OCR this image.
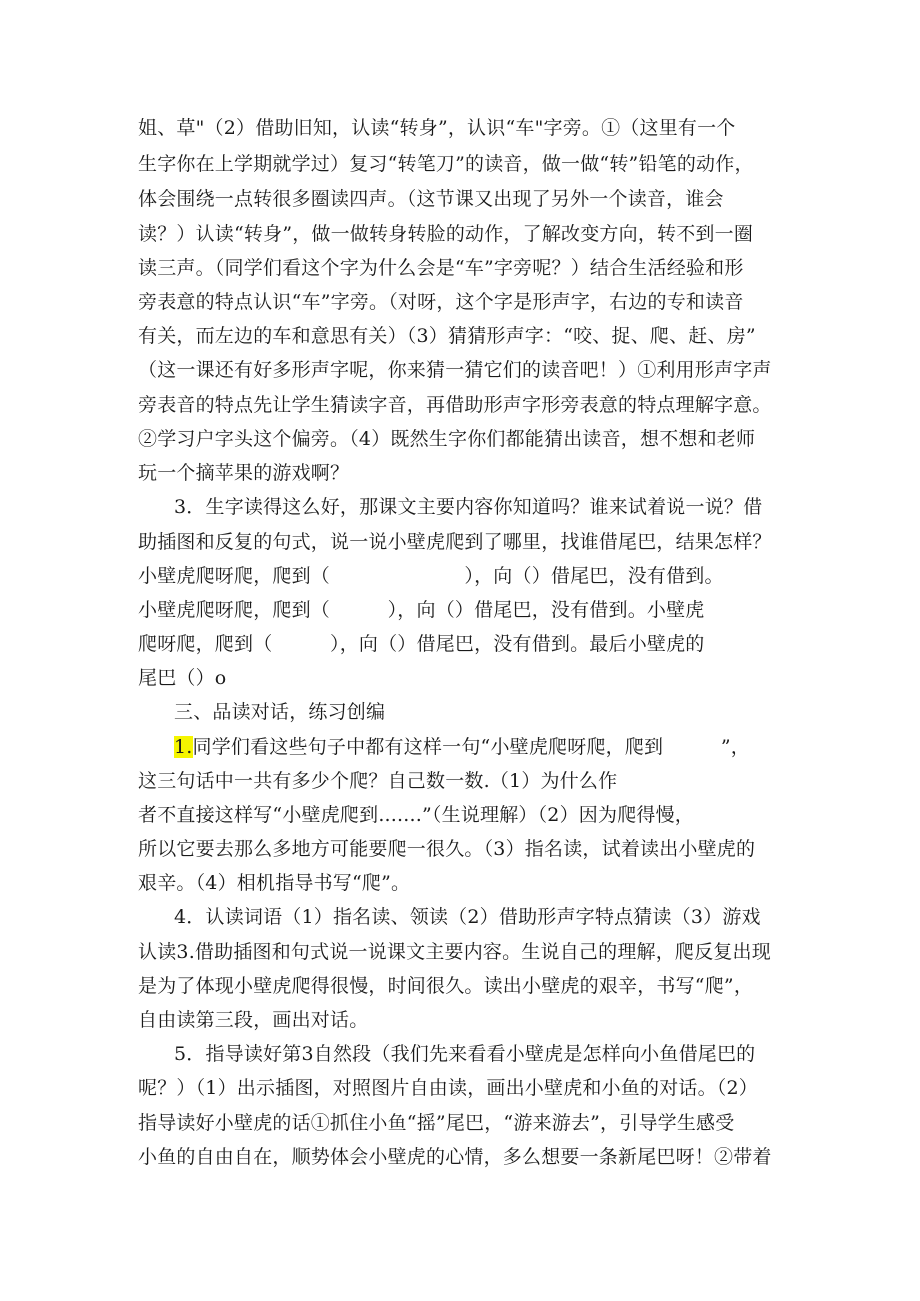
姐、草"（2）借助旧知，认读“转身”，认识“车"字旁。①（这里有一个
生字你在上学期就学过）复习“转笔刀”的读音，做一做“转”铅笔的动作，
体会围绕一点转很多圈读四声。（这节课又出现了另外一个读音，谁会
读？）认读“转身”，做一做转身转脸的动作，了解改变方向，转不到一圈
读三声。（同学们看这个字为什么会是“车”字旁呢？）结合生活经验和形
旁表意的特点认识“车”字旁。（对呀，这个字是形声字，右边的专和读音
有关，而左边的车和意思有关）（3）猜猜形声字：“咬、捉、爬、赶、房”
（这一课还有好多形声字呢，你来猜一猜它们的读音吧！）①利用形声字声
旁表音的特点先让学生猜读字音，再借助形声字形旁表意的特点理解字意。
②学习户字头这个偏旁。（4）既然生字你们都能猜出读音，想不想和老师
玩一个摘苹果的游戏啊？
3．生字读得这么好，那课文主要内容你知道吗？谁来试着说一说？借
助插图和反复的句式，说一说小壁虎爬到了哪里，找谁借尾巴，结果怎样？
小壁虎爬呀爬，爬到（　　　　　　　），向（）借尾巴，没有借到。
小壁虎爬呀爬，爬到（　　　），向（）借尾巴，没有借到。小壁虎
爬呀爬，爬到（　　　），向（）借尾巴，没有借到。最后小壁虎的
尾巴（）o
三、品读对话，练习创编
1.同学们看这些句子中都有这样一句“小壁虎爬呀爬，爬到　　　”，
这三句话中一共有多少个爬？自己数一数.（1）为什么作
者不直接这样写“小壁虎爬到.......”（生说理解）（2）因为爬得慢，
所以它要去那么多地方可能要爬一很久。（3）指名读，试着读出小壁虎的
艰辛。（4）相机指导书写“爬”。
4．认读词语（1）指名读、领读（2）借助形声字特点猜读（3）游戏
认读3.借助插图和句式说一说课文主要内容。生说自己的理解，爬反复出现
是为了体现小壁虎爬得很慢，时间很久。读出小壁虎的艰辛，书写“爬”，
自由读第三段，画出对话。
5．指导读好第3自然段（我们先来看看小壁虎是怎样向小鱼借尾巴的
呢？）（1）出示插图，对照图片自由读，画出小壁虎和小鱼的对话。（2）
指导读好小壁虎的话①抓住小鱼“摇”尾巴，“游来游去”，引导学生感受
小鱼的自由自在，顺势体会小壁虎的心情，多么想要一条新尾巴呀！②带着
